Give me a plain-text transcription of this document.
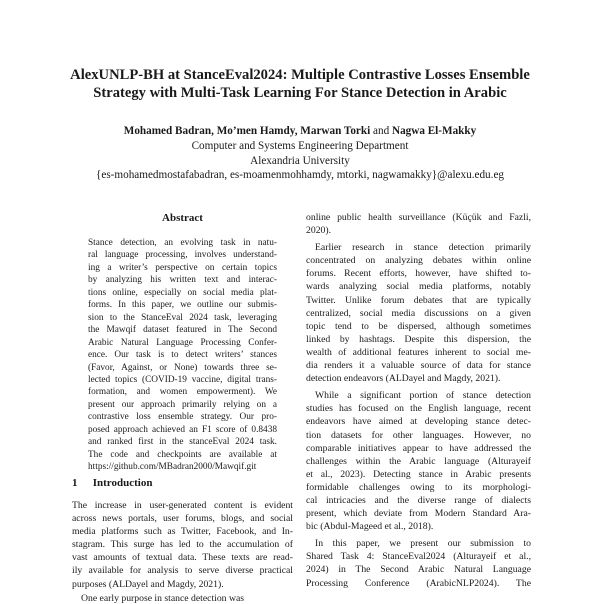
AlexUNLP-BH at StanceEval2024: Multiple Contrastive Losses Ensemble
Strategy with Multi-Task Learning For Stance Detection in Arabic
Mohamed Badran, Mo’men Hamdy, Marwan Torki and Nagwa El-Makky
Computer and Systems Engineering Department
Alexandria University
{es-mohamedmostafabadran, es-moamenmohhamdy, mtorki, nagwamakky}@alexu.edu.eg
Abstract
Stance detection, an evolving task in natu-
ral language processing, involves understand-
ing a writer’s perspective on certain topics
by analyzing his written text and interac-
tions online, especially on social media plat-
forms. In this paper, we outline our submis-
sion to the StanceEval 2024 task, leveraging
the Mawqif dataset featured in The Second
Arabic Natural Language Processing Confer-
ence. Our task is to detect writers’ stances
(Favor, Against, or None) towards three se-
lected topics (COVID-19 vaccine, digital trans-
formation, and women empowerment). We
present our approach primarily relying on a
contrastive loss ensemble strategy. Our pro-
posed approach achieved an F1 score of 0.8438
and ranked first in the stanceEval 2024 task.
The code and checkpoints are available at
https://github.com/MBadran2000/Mawqif.git
1 Introduction
The increase in user-generated content is evident
across news portals, user forums, blogs, and social
media platforms such as Twitter, Facebook, and In-
stagram. This surge has led to the accumulation of
vast amounts of textual data. These texts are read-
ily available for analysis to serve diverse practical
purposes (ALDayel and Magdy, 2021).
One early purpose in stance detection was
online public health surveillance (Küçük and Fazli,
2020).
Earlier research in stance detection primarily
concentrated on analyzing debates within online
forums. Recent efforts, however, have shifted to-
wards analyzing social media platforms, notably
Twitter. Unlike forum debates that are typically
centralized, social media discussions on a given
topic tend to be dispersed, although sometimes
linked by hashtags. Despite this dispersion, the
wealth of additional features inherent to social me-
dia renders it a valuable source of data for stance
detection endeavors (ALDayel and Magdy, 2021).
While a significant portion of stance detection
studies has focused on the English language, recent
endeavors have aimed at developing stance detec-
tion datasets for other languages. However, no
comparable initiatives appear to have addressed the
challenges within the Arabic language (Alturayeif
et al., 2023). Detecting stance in Arabic presents
formidable challenges owing to its morphologi-
cal intricacies and the diverse range of dialects
present, which deviate from Modern Standard Ara-
bic (Abdul-Mageed et al., 2018).
In this paper, we present our submission to
Shared Task 4: StanceEval2024 (Alturayeif et al.,
2024) in The Second Arabic Natural Language
Processing Conference (ArabicNLP2024). The
